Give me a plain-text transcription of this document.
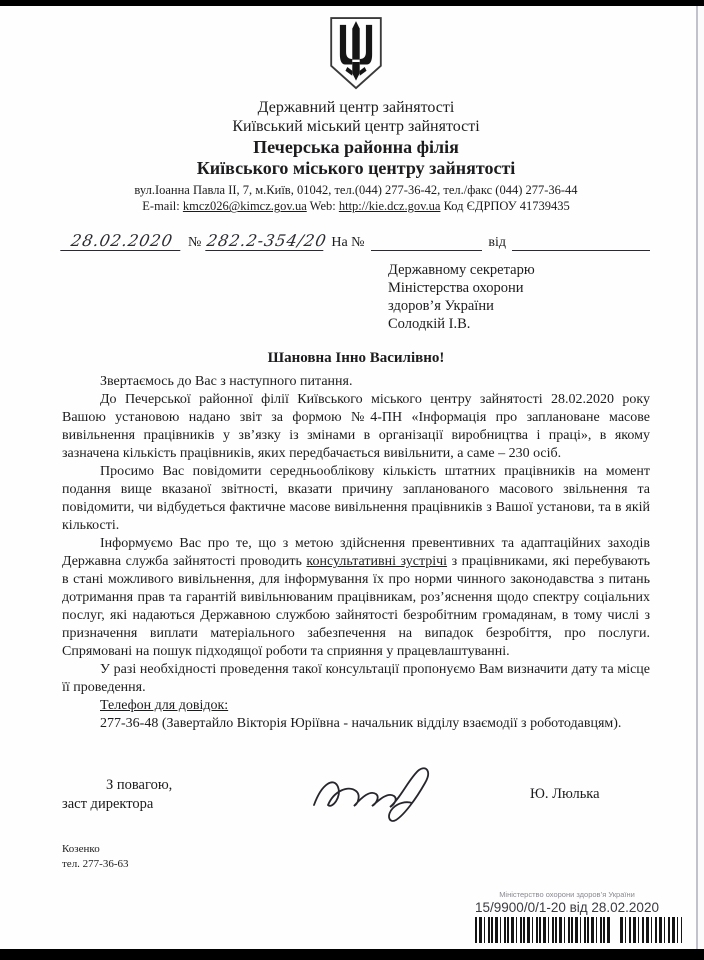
Державний центр зайнятості
Київський міський центр зайнятості
Печерська районна філія
Київського міського центру зайнятості
вул.Іоанна Павла ІІ, 7, м.Київ, 01042, тел.(044) 277-36-42, тел./факс (044) 277-36-44
E-mail: kmcz026@kimcz.gov.ua Web: http://kie.dcz.gov.ua Код ЄДРПОУ 41739435
28.02.2020 № 282.2-354/20 На №	від
Державному секретарю
Міністерства охорони
здоров’я України
Солодкій І.В.
Шановна Інно Василівно!

Звертаємось до Вас з наступного питання.

До Печерської районної філії Київського міського центру зайнятості 28.02.2020 року Вашою установою надано звіт за формою №4-ПН «Інформація про заплановане масове вивільнення працівників у зв’язку із змінами в організації виробництва і праці», в якому зазначена кількість працівників, яких передбачається вивільнити, а саме – 230 осіб.

Просимо Вас повідомити середньооблікову кількість штатних працівників на момент подання вище вказаної звітності, вказати причину запланованого масового звільнення та повідомити, чи відбудеться фактичне масове вивільнення працівників з Вашої установи, та в якій кількості.

Інформуємо Вас про те, що з метою здійснення превентивних та адаптаційних заходів Державна служба зайнятості проводить консультативні зустрічі з працівниками, які перебувають в стані можливого вивільнення, для інформування їх про норми чинного законодавства з питань дотримання прав та гарантій вивільнюваним працівникам, роз’яснення щодо спектру соціальних послуг, які надаються Державною службою зайнятості безробітним громадянам, в тому числі з призначення виплати матеріального забезпечення на випадок безробіття, про послуги. Спрямовані на пошук підходящої роботи та сприяння у працевлаштуванні.

У разі необхідності проведення такої консультації пропонуємо Вам визначити дату та місце її проведення.

Телефон для довідок:

277-36-48 (Завертайло Вікторія Юріївна - начальник відділу взаємодії з роботодавцям).

З повагою,
заст директора
Ю. Люлька
Козенко
тел. 277-36-63
Міністерство охорони здоров’я України
15/9900/0/1-20 від 28.02.2020
